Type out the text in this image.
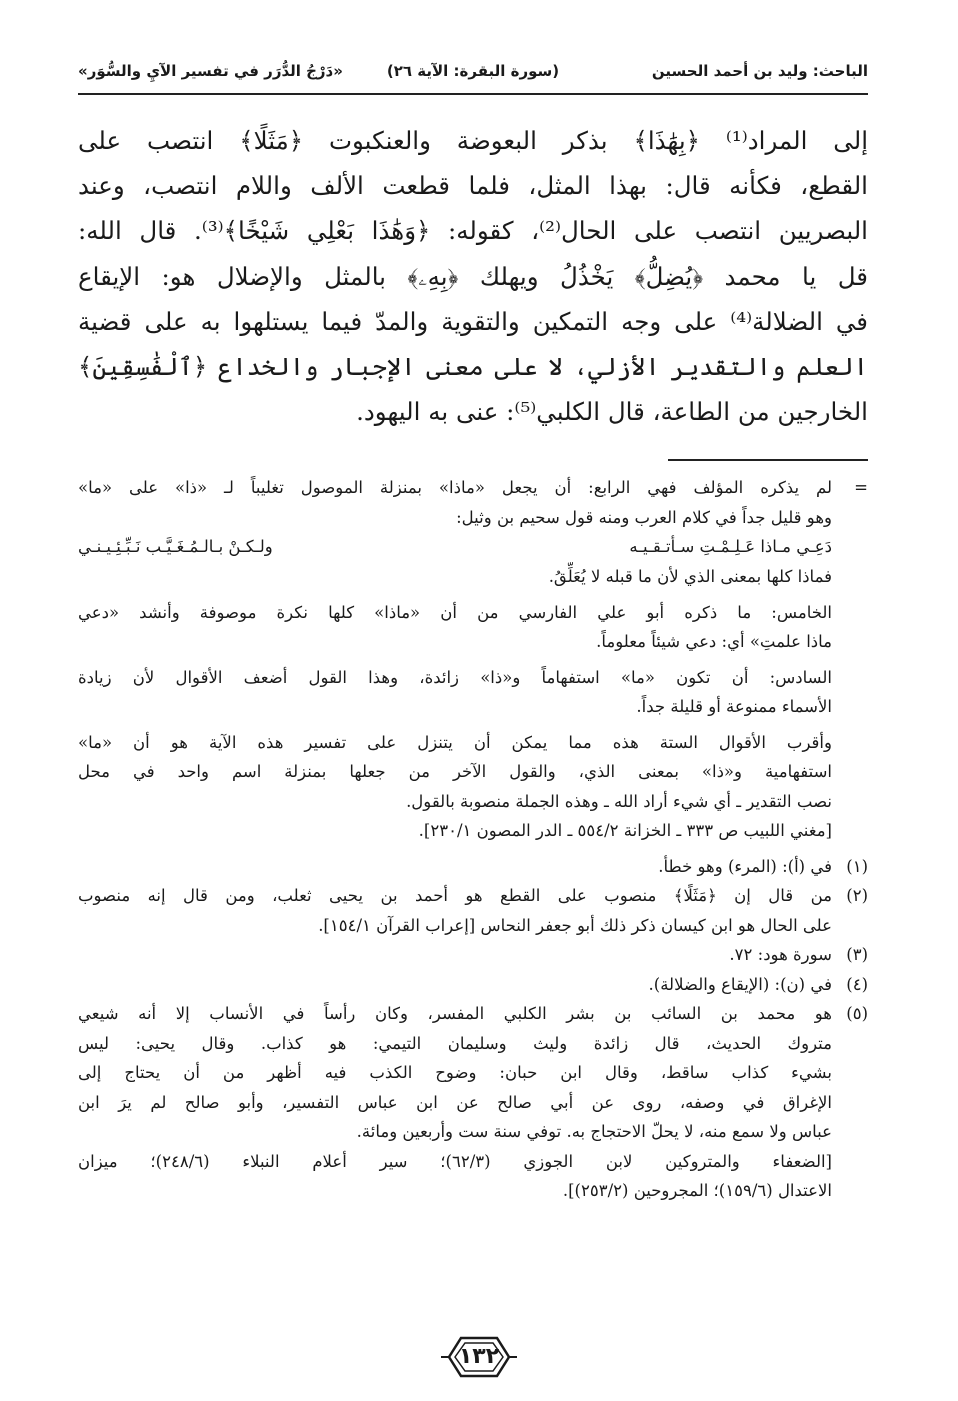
الباحث: وليد بن أحمد الحسين
(سورة البقرة: الآية ٢٦)
«دَرْجُ الدُّرَر في تفسير الآيِ والسُّوَر»
إلى المراد⁽¹⁾ ﴿بِهَٰذَا﴾ بذكر البعوضة والعنكبوت ﴿مَثَلًا﴾ انتصب على
القطع، فكأنه قال: بهذا المثل، فلما قطعت الألف واللام انتصب، وعند
البصريين انتصب على الحال⁽²⁾، كقوله: ﴿وَهَٰذَا بَعْلِي شَيْخًا﴾⁽³⁾. قال الله:
قل يا محمد ﴿يُضِلُّ﴾ يَخْذُلُ ويهلك ﴿بِهِۦ﴾ بالمثل والإضلال هو: الإيقاع
في الضلالة⁽⁴⁾ على وجه التمكين والتقوية والمدّ فيما يستلهوا به على قضية
العلم والتقدير الأزلي، لا على معنى الإجبار والخداع ﴿ٱلْفَٰسِقِينَ﴾
الخارجين من الطاعة، قال الكلبي⁽⁵⁾: عنى به اليهود.
=لم يذكره المؤلف فهي الرابع: أن يجعل «ماذا» بمنزلة الموصول تغليباً لـ «ذا» على «ما»
وهو قليل جداً في كلام العرب ومنه قول سحيم بن وثيل:
دَعِـي مـاذا عَـلِـمْـتِ سـأتـقـيـه
ولـكـنْ بـالـمُـغَـيَّـب نَـبِّـئِـيـنـي
فماذا كلها بمعنى الذي لأن ما قبله لا يُعَلِّقُ.
الخامس: ما ذكره أبو علي الفارسي من أن «ماذا» كلها نكرة موصوفة وأنشد «دعي
ماذا علمتِ» أي: دعي شيئاً معلوماً.
السادس: أن تكون «ما» استفهاماً و«ذا» زائدة، وهذا القول أضعف الأقوال لأن زيادة
الأسماء ممنوعة أو قليلة جداً.
وأقرب الأقوال الستة هذه مما يمكن أن يتنزل على تفسير هذه الآية هو أن «ما»
استفهامية و«ذا» بمعنى الذي، والقول الآخر من جعلها بمنزلة اسم واحد في محل
نصب التقدير ـ أي شيء أراد الله ـ وهذه الجملة منصوبة بالقول.
[مغني اللبيب ص ٣٣٣ ـ الخزانة ٥٥٤/٢ ـ الدر المصون ٢٣٠/١].
(١)في (أ): (المرء) وهو خطأ.
(٢)من قال إن ﴿مَثَلًا﴾ منصوب على القطع هو أحمد بن يحيى ثعلب، ومن قال إنه منصوب
على الحال هو ابن كيسان ذكر ذلك أبو جعفر النحاس [إعراب القرآن ١٥٤/١].
(٣)سورة هود: ٧٢.
(٤)في (ن): (الإيقاع والضلالة).
(٥)هو محمد بن السائب بن بشر الكلبي المفسر، وكان رأساً في الأنساب إلا أنه شيعي
متروك الحديث، قال زائدة وليث وسليمان التيمي: هو كذاب. وقال يحيى: ليس
بشيء كذاب ساقط، وقال ابن حبان: وضوح الكذب فيه أظهر من أن يحتاج إلى
الإغراق في وصفه، روى عن أبي صالح عن ابن عباس التفسير، وأبو صالح لم يرَ ابن
عباس ولا سمع منه، لا يحلّ الاحتجاج به. توفي سنة ست وأربعين ومائة.
[الضعفاء والمتروكين لابن الجوزي (٦٢/٣)؛ سير أعلام النبلاء (٢٤٨/٦)؛ ميزان
الاعتدال (١٥٩/٦)؛ المجروحين (٢٥٣/٢)].
١٣٢
